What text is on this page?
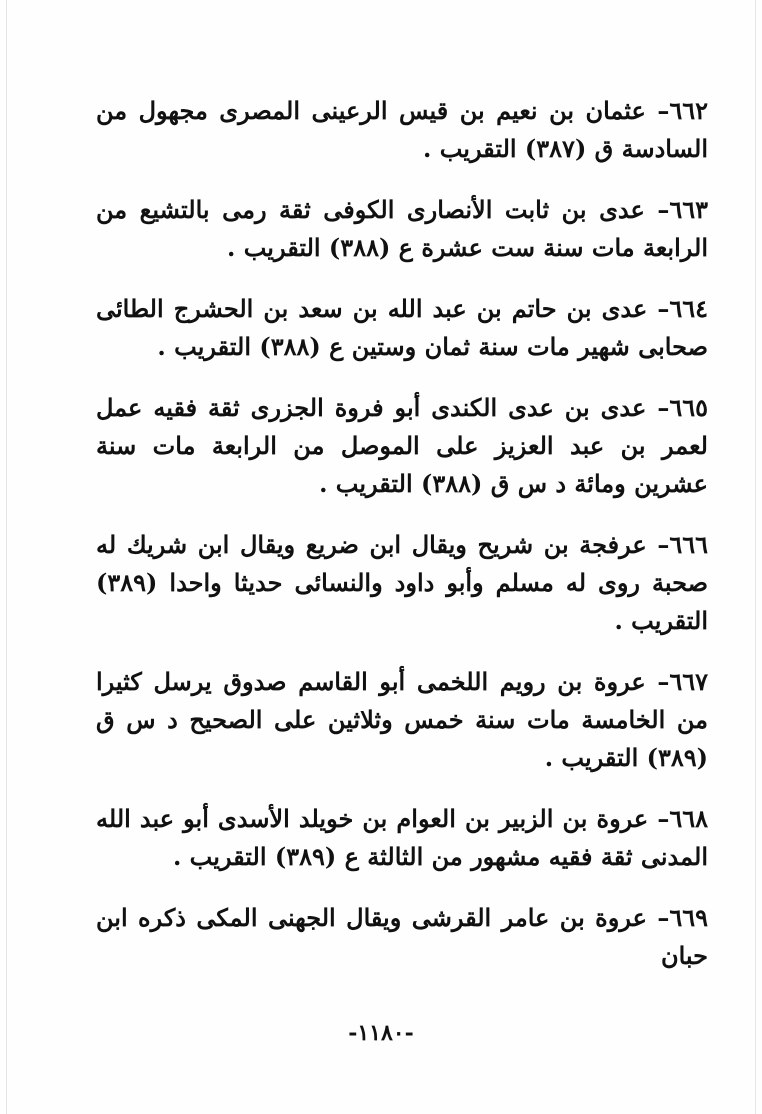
٦٦٢– عثمان بن نعيم بن قيس الرعينى المصرى مجهول من السادسة ق (٣٨٧) التقريب .

٦٦٣– عدى بن ثابت الأنصارى الكوفى ثقة رمى بالتشيع من الرابعة مات سنة ست عشرة ع (٣٨٨) التقريب .

٦٦٤– عدى بن حاتم بن عبد الله بن سعد بن الحشرج الطائى صحابى شهير مات سنة ثمان وستين ع (٣٨٨) التقريب .

٦٦٥– عدى بن عدى الكندى أبو فروة الجزرى ثقة فقيه عمل لعمر بن عبد العزيز على الموصل من الرابعة مات سنة عشرين ومائة د س ق (٣٨٨) التقريب .

٦٦٦– عرفجة بن شريح ويقال ابن ضريع ويقال ابن شريك له صحبة روى له مسلم وأبو داود والنسائى حديثا واحدا (٣٨٩) التقريب .

٦٦٧– عروة بن رويم اللخمى أبو القاسم صدوق يرسل كثيرا من الخامسة مات سنة خمس وثلاثين على الصحيح د س ق (٣٨٩) التقريب .

٦٦٨– عروة بن الزبير بن العوام بن خويلد الأسدى أبو عبد الله المدنى ثقة فقيه مشهور من الثالثة ع (٣٨٩) التقريب .

٦٦٩– عروة بن عامر القرشى ويقال الجهنى المكى ذكره ابن حبان

-١١٨٠-
